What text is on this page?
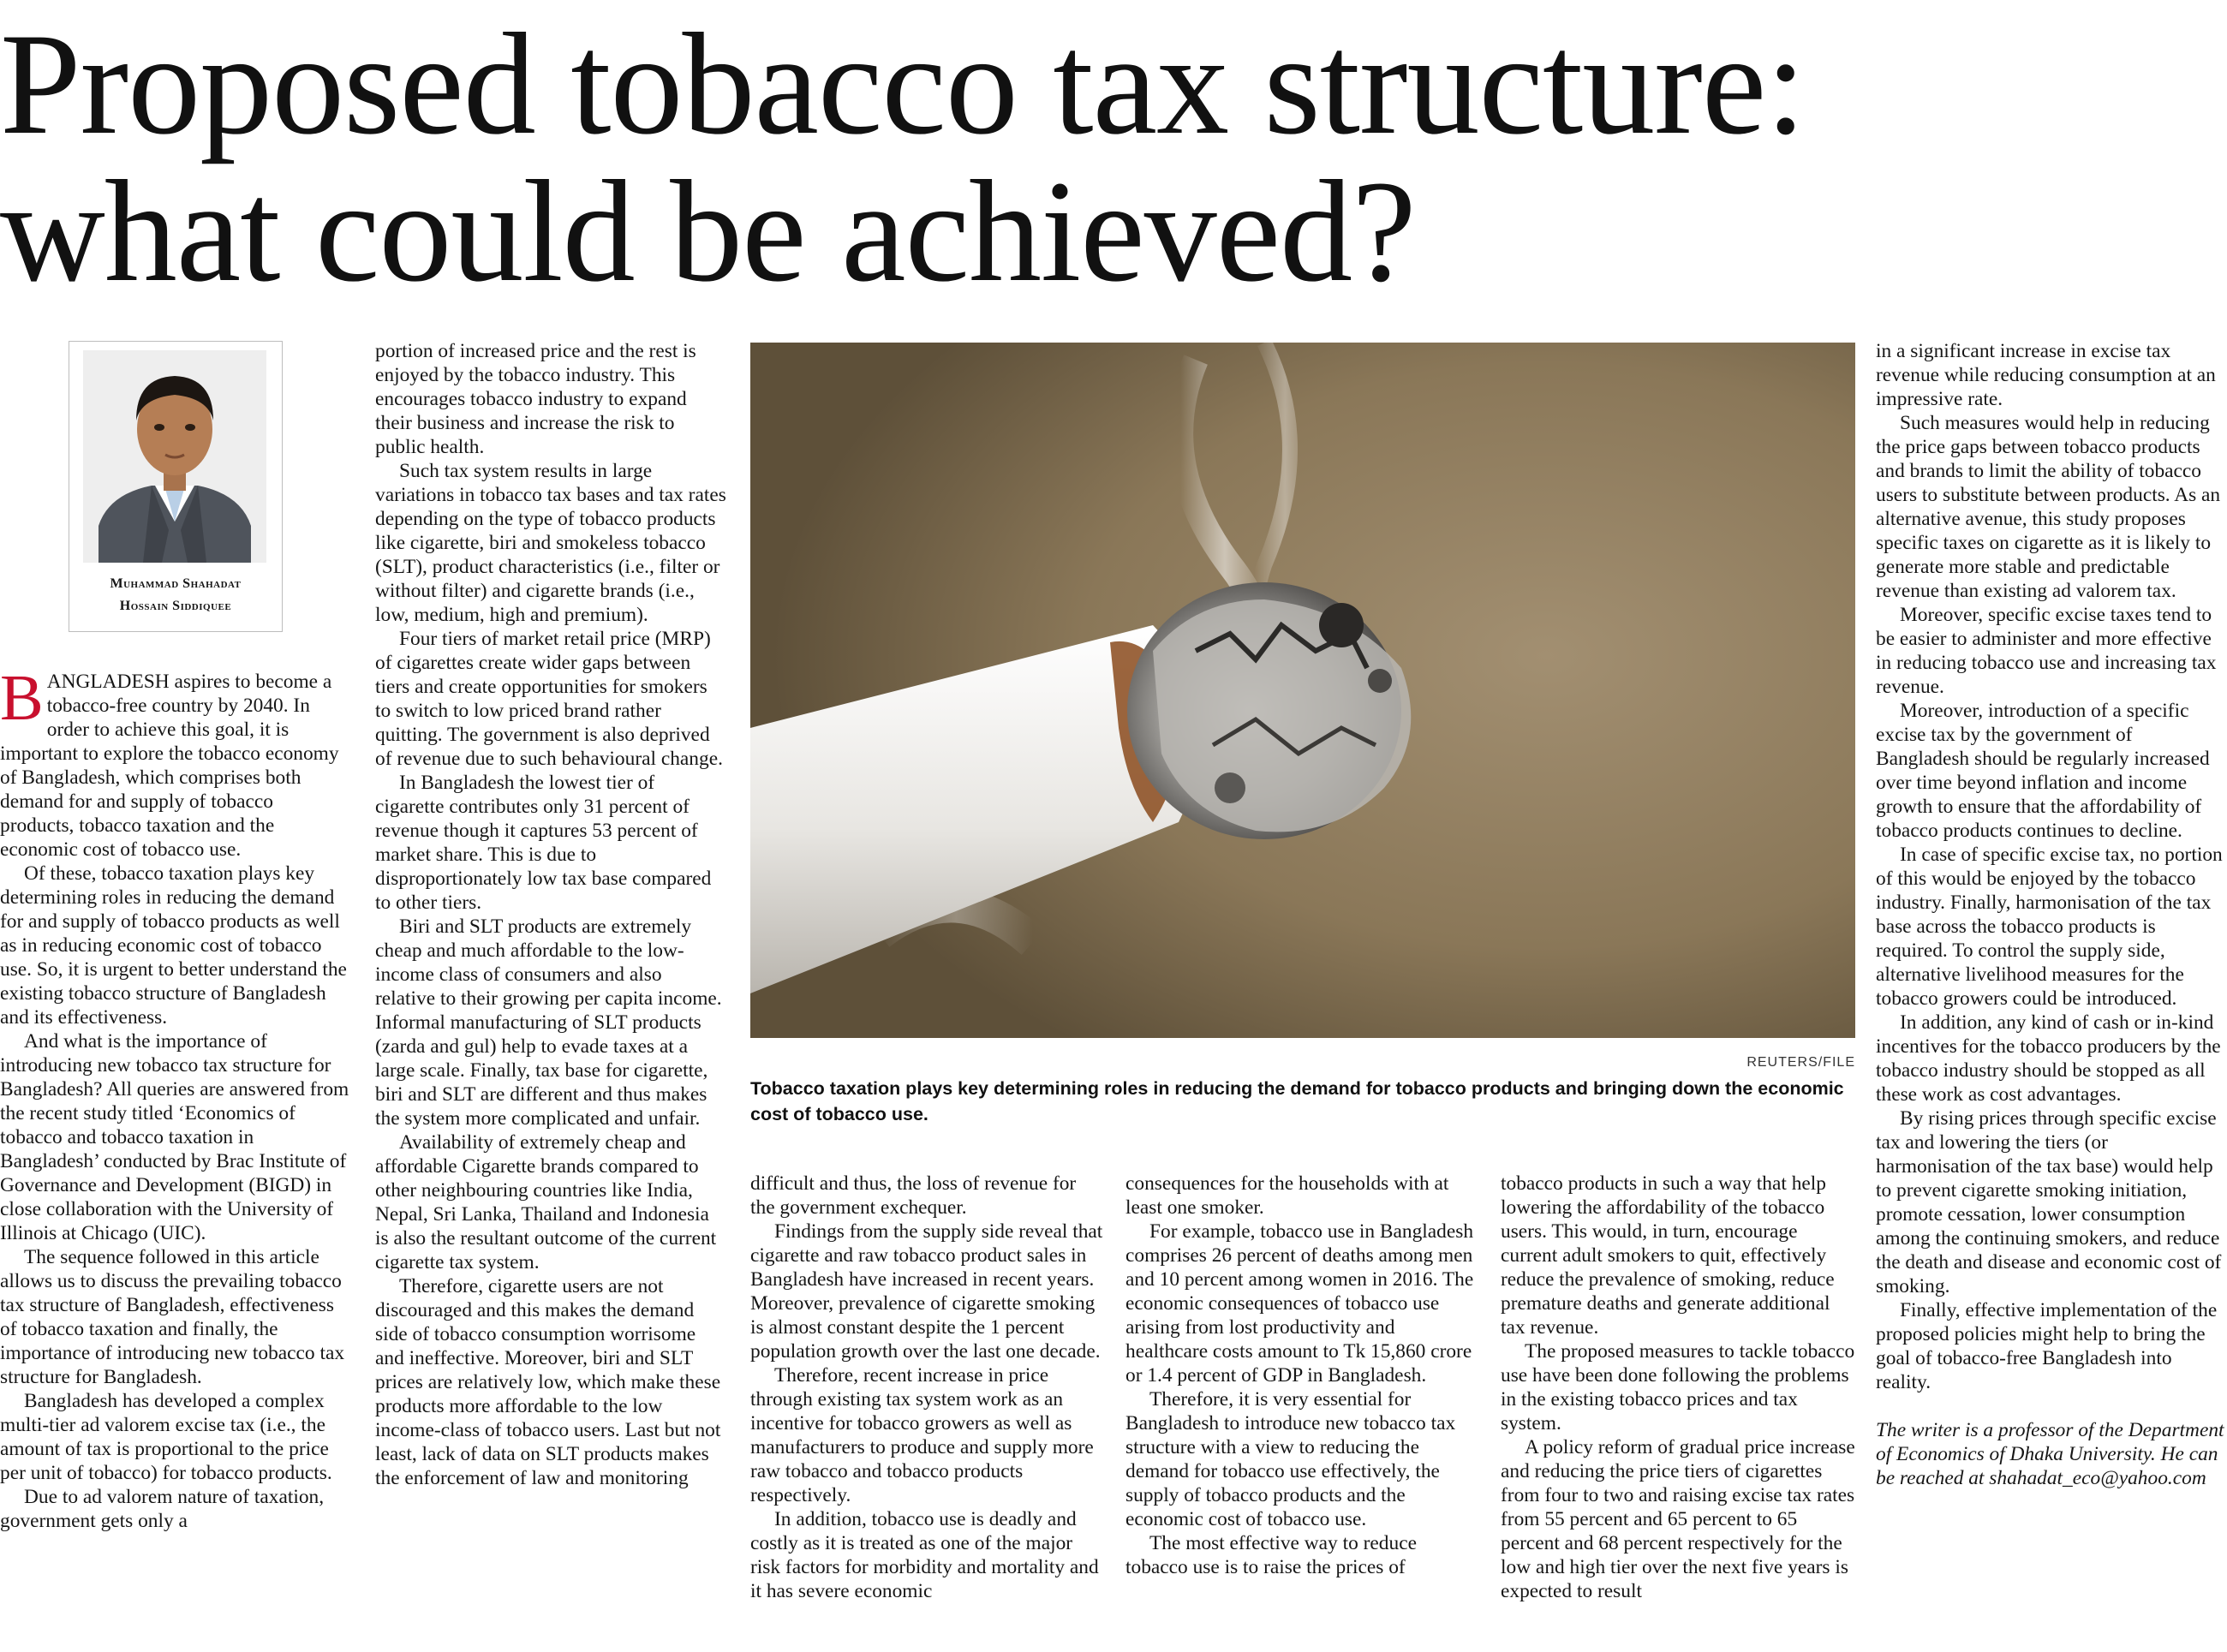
Proposed tobacco tax structure:
what could be achieved?
Muhammad Shahadat
Hossain Siddiquee
REUTERS/FILE

Tobacco taxation plays key determining roles in reducing the demand for tobacco products and bringing down the economic cost of tobacco use.

BANGLADESH aspires to become a tobacco-free country by 2040. In order to achieve this goal, it is important to explore the tobacco economy of Bangladesh, which comprises both demand for and supply of tobacco products, tobacco taxation and the economic cost of tobacco use.

Of these, tobacco taxation plays key determining roles in reducing the demand for and supply of tobacco products as well as in reducing economic cost of tobacco use. So, it is urgent to better understand the existing tobacco structure of Bangladesh and its effectiveness.

And what is the importance of introducing new tobacco tax structure for Bangladesh? All queries are answered from the recent study titled ‘Economics of tobacco and tobacco taxation in Bangladesh’ conducted by Brac Institute of Governance and Development (BIGD) in close collaboration with the University of Illinois at Chicago (UIC).

The sequence followed in this article allows us to discuss the prevailing tobacco tax structure of Bangladesh, effectiveness of tobacco taxation and finally, the importance of introducing new tobacco tax structure for Bangladesh.

Bangladesh has developed a complex multi-tier ad valorem excise tax (i.e., the amount of tax is proportional to the price per unit of tobacco) for tobacco products.

Due to ad valorem nature of taxation, government gets only a

portion of increased price and the rest is enjoyed by the tobacco industry. This encourages tobacco industry to expand their business and increase the risk to public health.

Such tax system results in large variations in tobacco tax bases and tax rates depending on the type of tobacco products like cigarette, biri and smokeless tobacco (SLT), product characteristics (i.e., filter or without filter) and cigarette brands (i.e., low, medium, high and premium).

Four tiers of market retail price (MRP) of cigarettes create wider gaps between tiers and create opportunities for smokers to switch to low priced brand rather quitting. The government is also deprived of revenue due to such behavioural change.

In Bangladesh the lowest tier of cigarette contributes only 31 percent of revenue though it captures 53 percent of market share. This is due to disproportionately low tax base compared to other tiers.

Biri and SLT products are extremely cheap and much affordable to the low-income class of consumers and also relative to their growing per capita income. Informal manufacturing of SLT products (zarda and gul) help to evade taxes at a large scale. Finally, tax base for cigarette, biri and SLT are different and thus makes the system more complicated and unfair.

Availability of extremely cheap and affordable Cigarette brands compared to other neighbouring countries like India, Nepal, Sri Lanka, Thailand and Indonesia is also the resultant outcome of the current cigarette tax system.

Therefore, cigarette users are not discouraged and this makes the demand side of tobacco consumption worrisome and ineffective. Moreover, biri and SLT prices are relatively low, which make these products more affordable to the low income-class of tobacco users. Last but not least, lack of data on SLT products makes the enforcement of law and monitoring

difficult and thus, the loss of revenue for the government exchequer.

Findings from the supply side reveal that cigarette and raw tobacco product sales in Bangladesh have increased in recent years. Moreover, prevalence of cigarette smoking is almost constant despite the 1 percent population growth over the last one decade.

Therefore, recent increase in price through existing tax system work as an incentive for tobacco growers as well as manufacturers to produce and supply more raw tobacco and tobacco products respectively.

In addition, tobacco use is deadly and costly as it is treated as one of the major risk factors for morbidity and mortality and it has severe economic

consequences for the households with at least one smoker.

For example, tobacco use in Bangladesh comprises 26 percent of deaths among men and 10 percent among women in 2016. The economic consequences of tobacco use arising from lost productivity and healthcare costs amount to Tk 15,860 crore or 1.4 percent of GDP in Bangladesh.

Therefore, it is very essential for Bangladesh to introduce new tobacco tax structure with a view to reducing the demand for tobacco use effectively, the supply of tobacco products and the economic cost of tobacco use.

The most effective way to reduce tobacco use is to raise the prices of

tobacco products in such a way that help lowering the affordability of the tobacco users. This would, in turn, encourage current adult smokers to quit, effectively reduce the prevalence of smoking, reduce premature deaths and generate additional tax revenue.

The proposed measures to tackle tobacco use have been done following the problems in the existing tobacco prices and tax system.

A policy reform of gradual price increase and reducing the price tiers of cigarettes from four to two and raising excise tax rates from 55 percent and 65 percent to 65 percent and 68 percent respectively for the low and high tier over the next five years is expected to result

in a significant increase in excise tax revenue while reducing consumption at an impressive rate.

Such measures would help in reducing the price gaps between tobacco products and brands to limit the ability of tobacco users to substitute between products. As an alternative avenue, this study proposes specific taxes on cigarette as it is likely to generate more stable and predictable revenue than existing ad valorem tax.

Moreover, specific excise taxes tend to be easier to administer and more effective in reducing tobacco use and increasing tax revenue.

Moreover, introduction of a specific excise tax by the government of Bangladesh should be regularly increased over time beyond inflation and income growth to ensure that the affordability of tobacco products continues to decline.

In case of specific excise tax, no portion of this would be enjoyed by the tobacco industry. Finally, harmonisation of the tax base across the tobacco products is required. To control the supply side, alternative livelihood measures for the tobacco growers could be introduced.

In addition, any kind of cash or in-kind incentives for the tobacco producers by the tobacco industry should be stopped as all these work as cost advantages.

By rising prices through specific excise tax and lowering the tiers (or harmonisation of the tax base) would help to prevent cigarette smoking initiation, promote cessation, lower consumption among the continuing smokers, and reduce the death and disease and economic cost of smoking.

Finally, effective implementation of the proposed policies might help to bring the goal of tobacco-free Bangladesh into reality.

The writer is a professor of the Department of Economics of Dhaka University. He can be reached at shahadat_eco@yahoo.com
